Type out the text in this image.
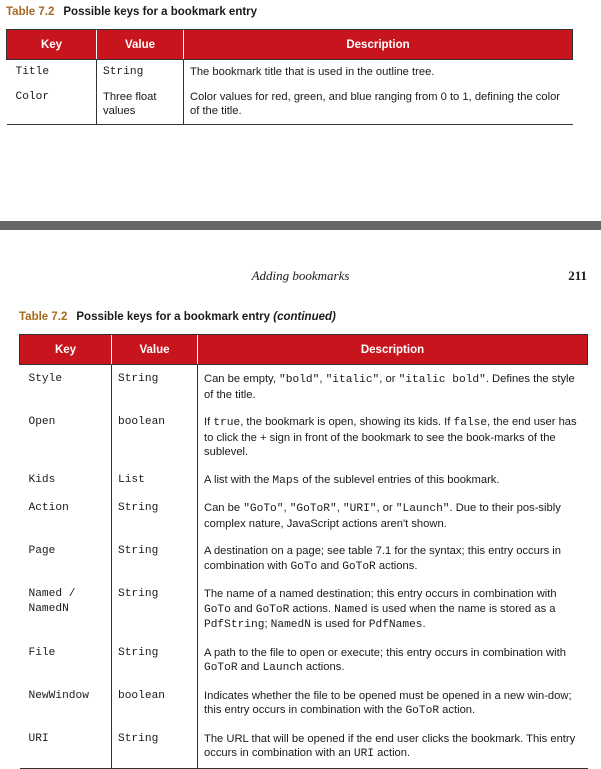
Table 7.2 Possible keys for a bookmark entry
Key	Value	Description
Title	String	The bookmark title that is used in the outline tree.
Color	Three float values	Color values for red, green, and blue ranging from 0 to 1, defining the color of the title.
Adding bookmarks	211
Table 7.2 Possible keys for a bookmark entry (continued)
Key	Value	Description
Style	String	Can be empty, "bold", "italic", or "italic bold". Defines the style of the title.
Open	boolean	If true, the bookmark is open, showing its kids. If false, the end user has to click the + sign in front of the bookmark to see the book-marks of the sublevel.
Kids	List	A list with the Maps of the sublevel entries of this bookmark.
Action	String	Can be "GoTo", "GoToR", "URI", or "Launch". Due to their pos-sibly complex nature, JavaScript actions aren't shown.
Page	String	A destination on a page; see table 7.1 for the syntax; this entry occurs in combination with GoTo and GoToR actions.
Named / NamedN	String	The name of a named destination; this entry occurs in combination with GoTo and GoToR actions. Named is used when the name is stored as a PdfString; NamedN is used for PdfNames.
File	String	A path to the file to open or execute; this entry occurs in combination with GoToR and Launch actions.
NewWindow	boolean	Indicates whether the file to be opened must be opened in a new win-dow; this entry occurs in combination with the GoToR action.
URI	String	The URL that will be opened if the end user clicks the bookmark. This entry occurs in combination with an URI action.
